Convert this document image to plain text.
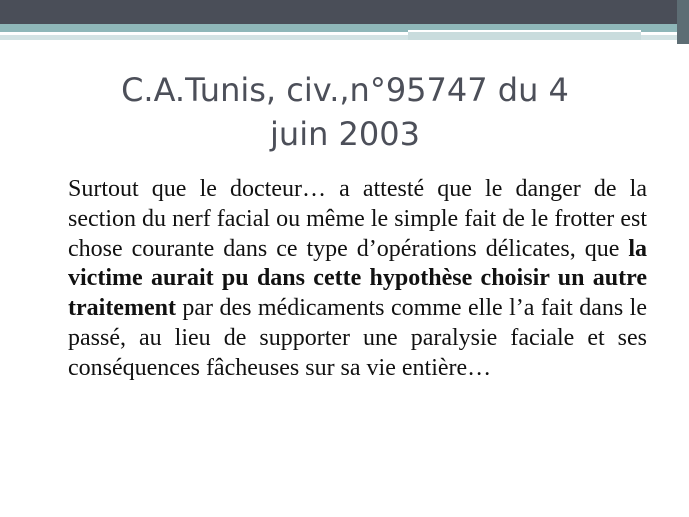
C.A.Tunis, civ.,n°95747 du 4
juin 2003

Surtout que le docteur… a attesté que le danger de la section du nerf facial ou même le simple fait de le frotter est chose courante dans ce type d’opérations délicates, que la victime aurait pu dans cette hypothèse choisir un autre traitement par des médicaments comme elle l’a fait dans le passé, au lieu de supporter une paralysie faciale et ses conséquences fâcheuses sur sa vie entière…
